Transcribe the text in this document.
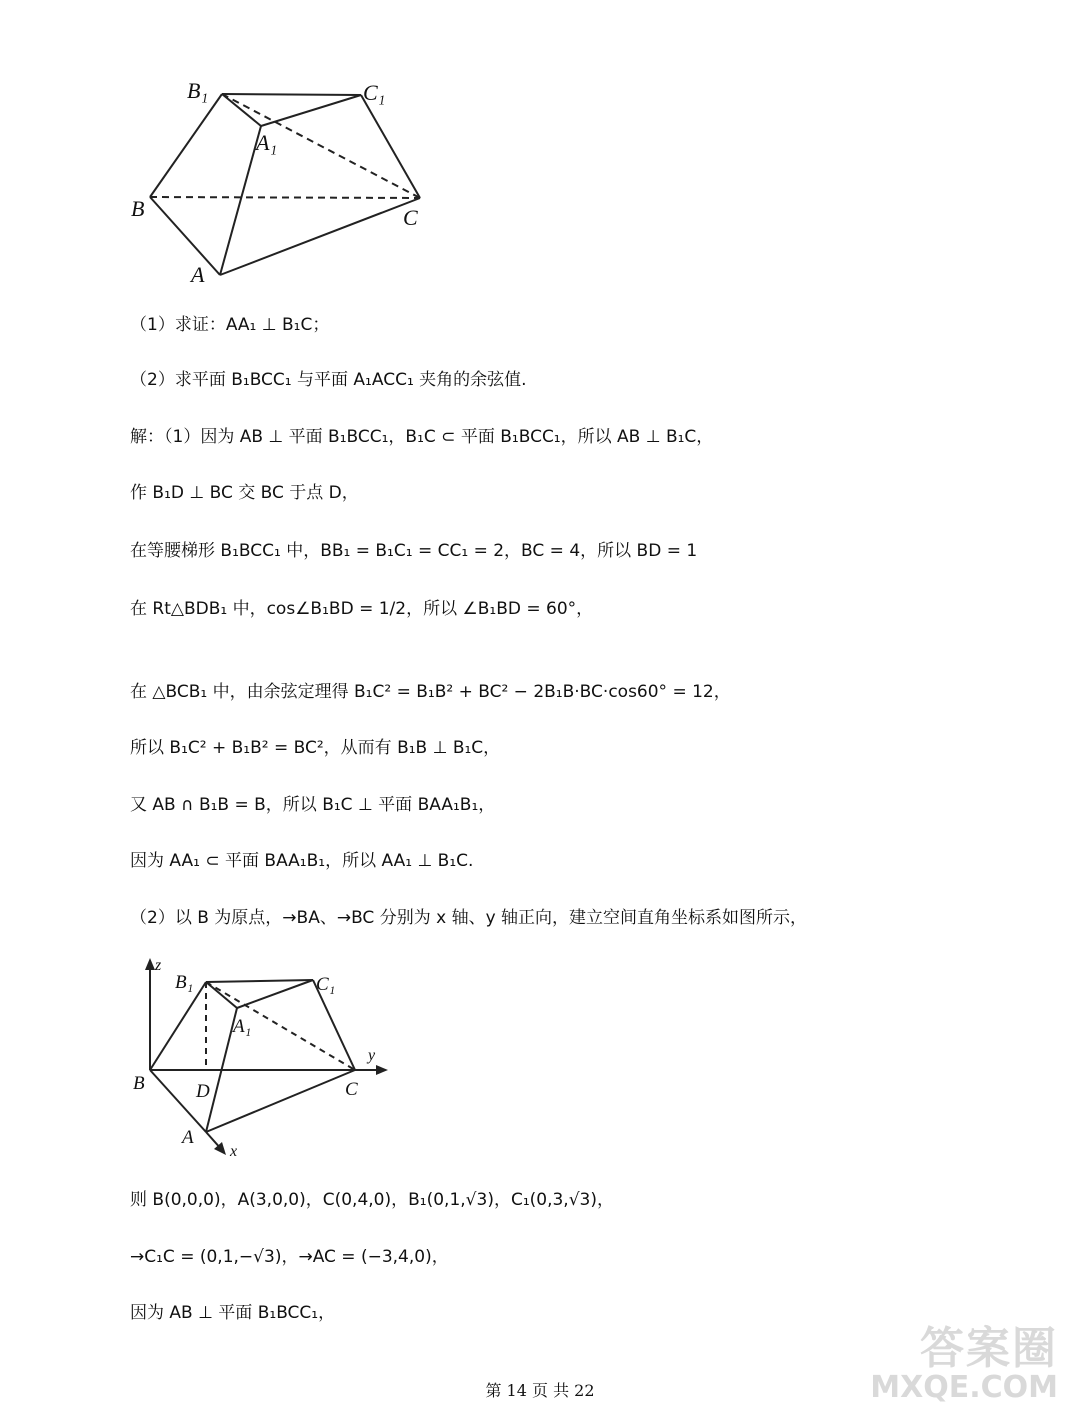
B₁	C₁
A₁
B	C
A
（1）求证：AA₁ ⊥ B₁C；
（2）求平面 B₁BCC₁ 与平面 A₁ACC₁ 夹角的余弦值.
解：（1）因为 AB ⊥ 平面 B₁BCC₁，B₁C ⊂ 平面 B₁BCC₁，所以 AB ⊥ B₁C，
作 B₁D ⊥ BC 交 BC 于点 D，
在等腰梯形 B₁BCC₁ 中，BB₁ = B₁C₁ = CC₁ = 2，BC = 4，所以 BD = 1
在 Rt△BDB₁ 中，cos∠B₁BD = 1/2，所以 ∠B₁BD = 60°，
在 △BCB₁ 中，由余弦定理得 B₁C² = B₁B² + BC² − 2B₁B·BC·cos60° = 12，
所以 B₁C² + B₁B² = BC²，从而有 B₁B ⊥ B₁C，
又 AB ∩ B₁B = B，所以 B₁C ⊥ 平面 BAA₁B₁，
因为 AA₁ ⊂ 平面 BAA₁B₁，所以 AA₁ ⊥ B₁C.
（2）以 B 为原点，→BA、→BC 分别为 x 轴、y 轴正向，建立空间直角坐标系如图所示，
z
B₁	C₁
A₁
y
B	D	C
A
x
则 B(0,0,0)，A(3,0,0)，C(0,4,0)，B₁(0,1,√3)，C₁(0,3,√3)，
→C₁C = (0,1,−√3)，→AC = (−3,4,0)，
因为 AB ⊥ 平面 B₁BCC₁，
答案圈
MXQE.COM
第 14 页 共 22
